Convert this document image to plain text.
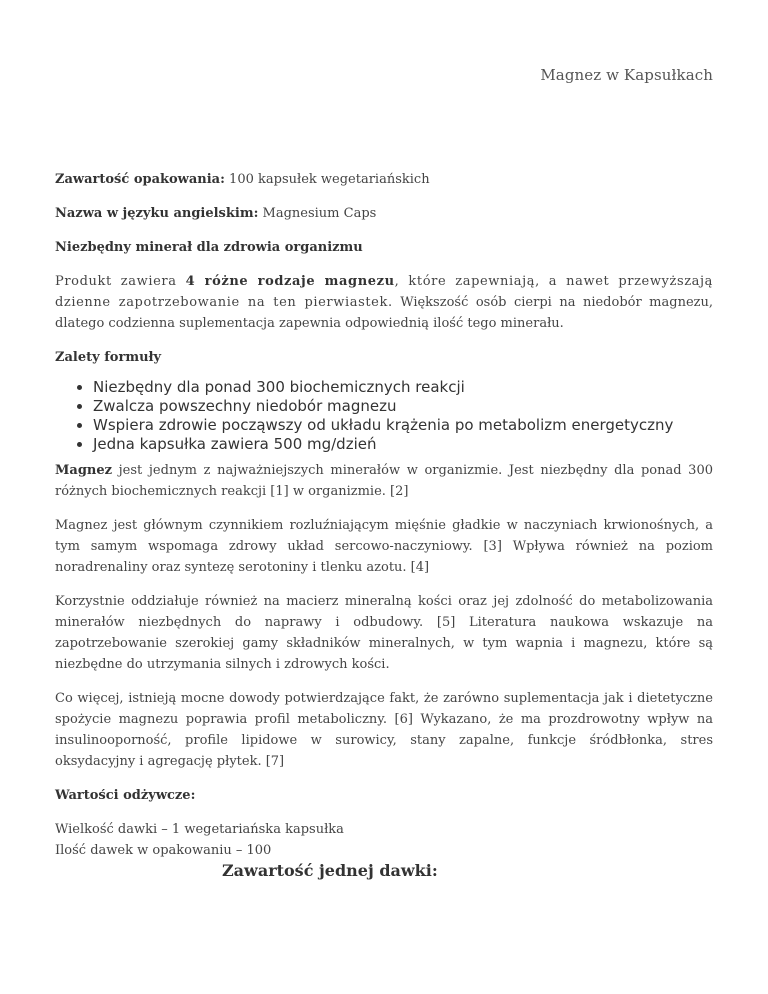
Magnez w Kapsułkach

Zawartość opakowania: 100 kapsułek wegetariańskich

Nazwa w języku angielskim: Magnesium Caps

Niezbędny minerał dla zdrowia organizmu

Produkt zawiera 4 różne rodzaje magnezu, które zapewniają, a nawet przewyższają dzienne zapotrzebowanie na ten pierwiastek. Większość osób cierpi na niedobór magnezu, dlatego codzienna suplementacja zapewnia odpowiednią ilość tego minerału.

Zalety formuły

• Niezbędny dla ponad 300 biochemicznych reakcji
• Zwalcza powszechny niedobór magnezu
• Wspiera zdrowie począwszy od układu krążenia po metabolizm energetyczny
• Jedna kapsułka zawiera 500 mg/dzień

Magnez jest jednym z najważniejszych minerałów w organizmie. Jest niezbędny dla ponad 300 różnych biochemicznych reakcji [1] w organizmie. [2]

Magnez jest głównym czynnikiem rozluźniającym mięśnie gładkie w naczyniach krwionośnych, a tym samym wspomaga zdrowy układ sercowo-naczyniowy. [3] Wpływa również na poziom noradrenaliny oraz syntezę serotoniny i tlenku azotu. [4]

Korzystnie oddziałuje również na macierz mineralną kości oraz jej zdolność do metabolizowania minerałów niezbędnych do naprawy i odbudowy. [5] Literatura naukowa wskazuje na zapotrzebowanie szerokiej gamy składników mineralnych, w tym wapnia i magnezu, które są niezbędne do utrzymania silnych i zdrowych kości.

Co więcej, istnieją mocne dowody potwierdzające fakt, że zarówno suplementacja jak i dietetyczne spożycie magnezu poprawia profil metaboliczny. [6] Wykazano, że ma prozdrowotny wpływ na insulinooporność, profile lipidowe w surowicy, stany zapalne, funkcje śródbłonka, stres oksydacyjny i agregację płytek. [7]

Wartości odżywcze:

Wielkość dawki – 1 wegetariańska kapsułka

Ilość dawek w opakowaniu – 100

Zawartość jednej dawki:
